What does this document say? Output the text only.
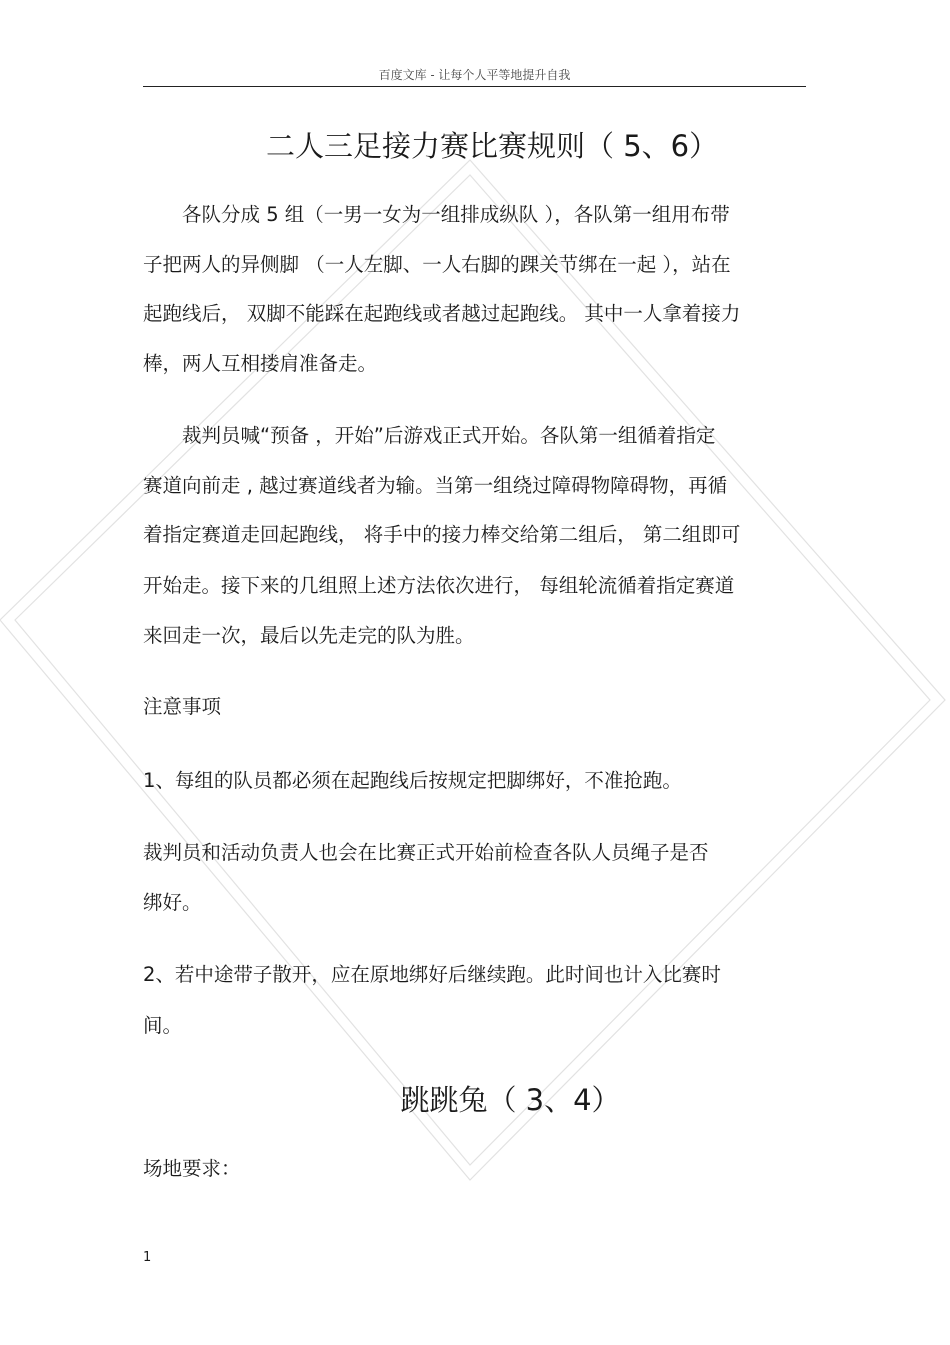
百度文库 - 让每个人平等地提升自我
二人三足接力赛比赛规则（ 5、6）
　　各队分成 5 组（一男一女为一组排成纵队 ），各队第一组用布带
子把两人的异侧脚 （一人左脚、一人右脚的踝关节绑在一起 ），站在
起跑线后， 双脚不能踩在起跑线或者越过起跑线。 其中一人拿着接力
棒，两人互相搂肩准备走。
　　裁判员喊“预备 ，开始”后游戏正式开始。各队第一组循着指定
赛道向前走 , 越过赛道线者为输。当第一组绕过障碍物障碍物，再循
着指定赛道走回起跑线， 将手中的接力棒交给第二组后， 第二组即可
开始走。接下来的几组照上述方法依次进行， 每组轮流循着指定赛道
来回走一次，最后以先走完的队为胜。
注意事项
1、每组的队员都必须在起跑线后按规定把脚绑好，不准抢跑。
裁判员和活动负责人也会在比赛正式开始前检查各队人员绳子是否
绑好。
2、若中途带子散开，应在原地绑好后继续跑。此时间也计入比赛时
间。
跳跳兔（ 3、4）
场地要求：
1
